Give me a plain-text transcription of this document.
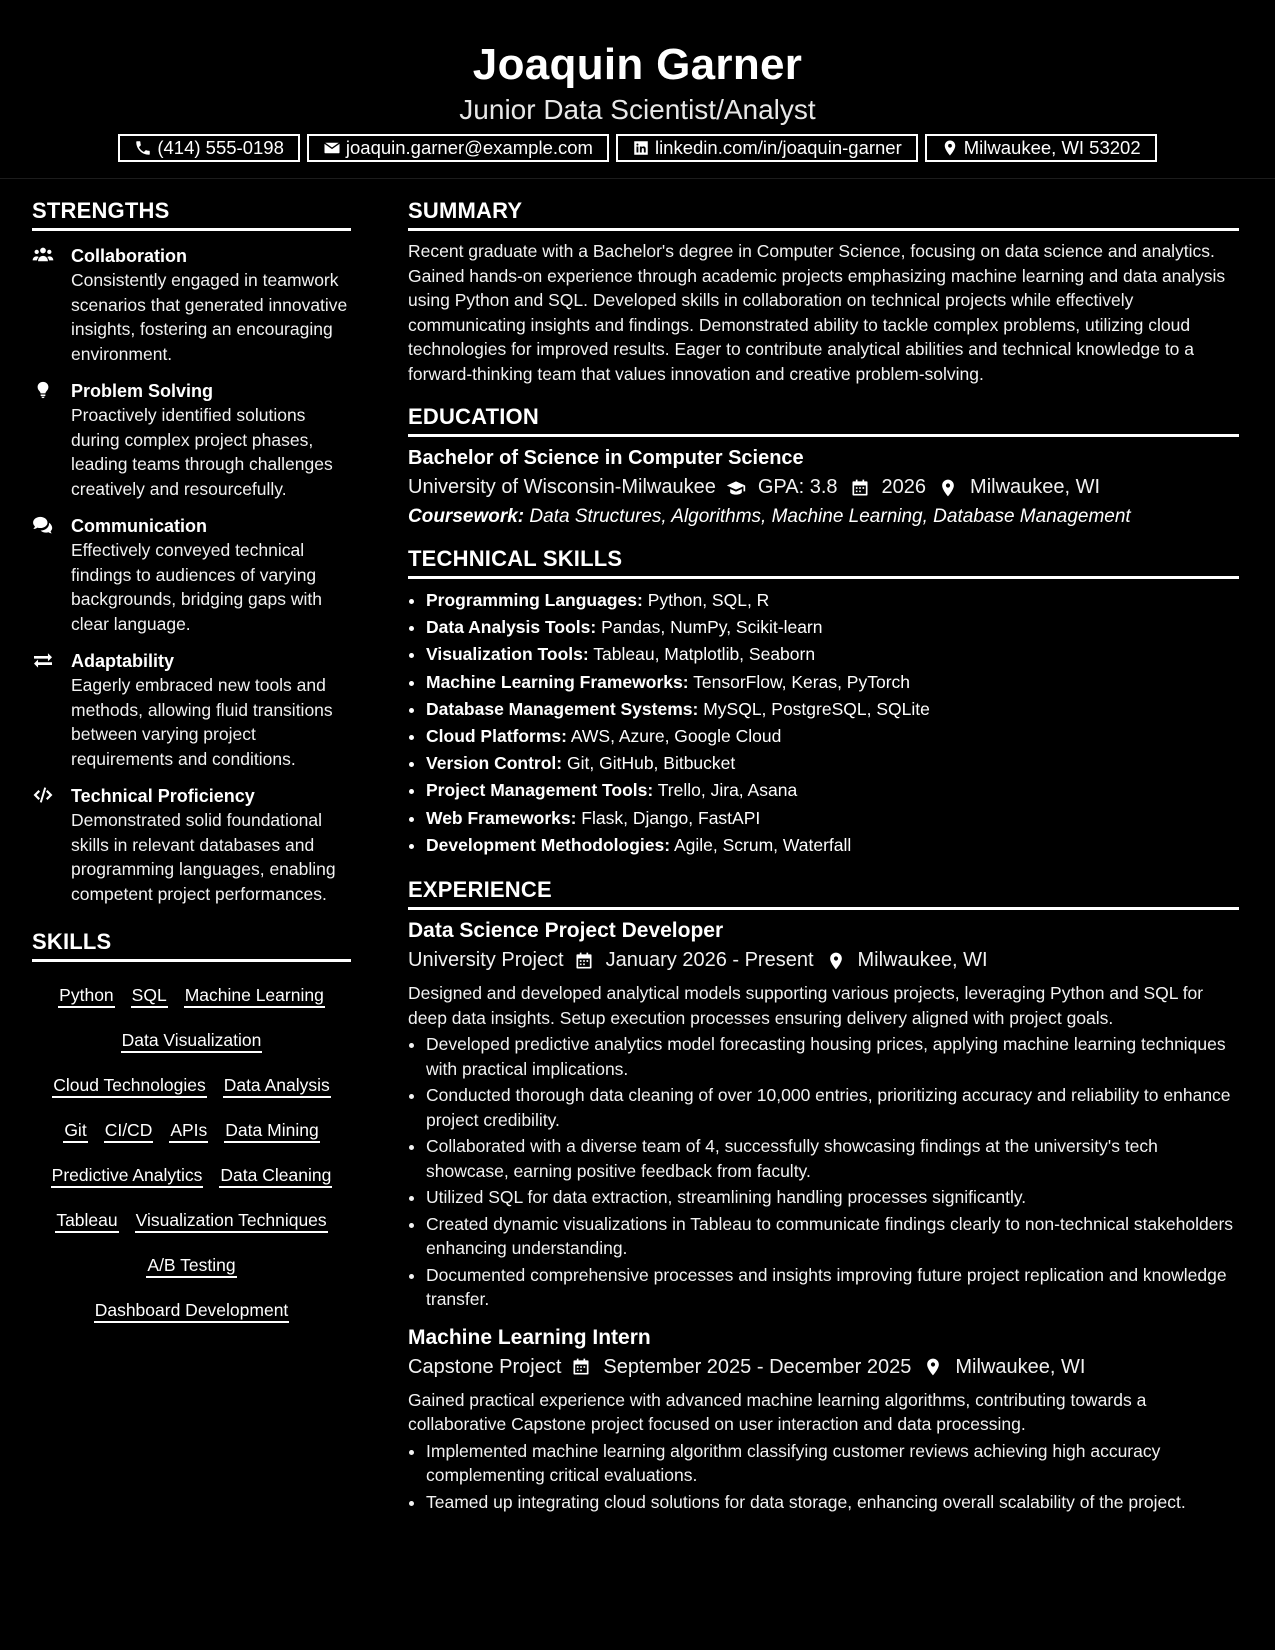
Joaquin Garner
Junior Data Scientist/Analyst
(414) 555-0198	joaquin.garner@example.com	linkedin.com/in/joaquin-garner	Milwaukee, WI 53202
STRENGTHS
Collaboration
Consistently engaged in teamwork scenarios that generated innovative insights, fostering an encouraging environment.
Problem Solving
Proactively identified solutions during complex project phases, leading teams through challenges creatively and resourcefully.
Communication
Effectively conveyed technical findings to audiences of varying backgrounds, bridging gaps with clear language.
Adaptability
Eagerly embraced new tools and methods, allowing fluid transitions between varying project requirements and conditions.
Technical Proficiency
Demonstrated solid foundational skills in relevant databases and programming languages, enabling competent project performances.
SKILLS
Python SQL Machine Learning
Data Visualization
Cloud Technologies Data Analysis
Git CI/CD APIs Data Mining
Predictive Analytics Data Cleaning
Tableau Visualization Techniques
A/B Testing
Dashboard Development
SUMMARY
Recent graduate with a Bachelor's degree in Computer Science, focusing on data science and analytics. Gained hands-on experience through academic projects emphasizing machine learning and data analysis using Python and SQL. Developed skills in collaboration on technical projects while effectively communicating insights and findings. Demonstrated ability to tackle complex problems, utilizing cloud technologies for improved results. Eager to contribute analytical abilities and technical knowledge to a forward-thinking team that values innovation and creative problem-solving.
EDUCATION
Bachelor of Science in Computer Science
University of Wisconsin-Milwaukee GPA: 3.8 2026 Milwaukee, WI
Coursework: Data Structures, Algorithms, Machine Learning, Database Management
TECHNICAL SKILLS
• Programming Languages: Python, SQL, R
• Data Analysis Tools: Pandas, NumPy, Scikit-learn
• Visualization Tools: Tableau, Matplotlib, Seaborn
• Machine Learning Frameworks: TensorFlow, Keras, PyTorch
• Database Management Systems: MySQL, PostgreSQL, SQLite
• Cloud Platforms: AWS, Azure, Google Cloud
• Version Control: Git, GitHub, Bitbucket
• Project Management Tools: Trello, Jira, Asana
• Web Frameworks: Flask, Django, FastAPI
• Development Methodologies: Agile, Scrum, Waterfall
EXPERIENCE
Data Science Project Developer
University Project January 2026 - Present Milwaukee, WI
Designed and developed analytical models supporting various projects, leveraging Python and SQL for deep data insights. Setup execution processes ensuring delivery aligned with project goals.
• Developed predictive analytics model forecasting housing prices, applying machine learning techniques with practical implications.
• Conducted thorough data cleaning of over 10,000 entries, prioritizing accuracy and reliability to enhance project credibility.
• Collaborated with a diverse team of 4, successfully showcasing findings at the university's tech showcase, earning positive feedback from faculty.
• Utilized SQL for data extraction, streamlining handling processes significantly.
• Created dynamic visualizations in Tableau to communicate findings clearly to non-technical stakeholders enhancing understanding.
• Documented comprehensive processes and insights improving future project replication and knowledge transfer.
Machine Learning Intern
Capstone Project September 2025 - December 2025 Milwaukee, WI
Gained practical experience with advanced machine learning algorithms, contributing towards a collaborative Capstone project focused on user interaction and data processing.
• Implemented machine learning algorithm classifying customer reviews achieving high accuracy complementing critical evaluations.
• Teamed up integrating cloud solutions for data storage, enhancing overall scalability of the project.
